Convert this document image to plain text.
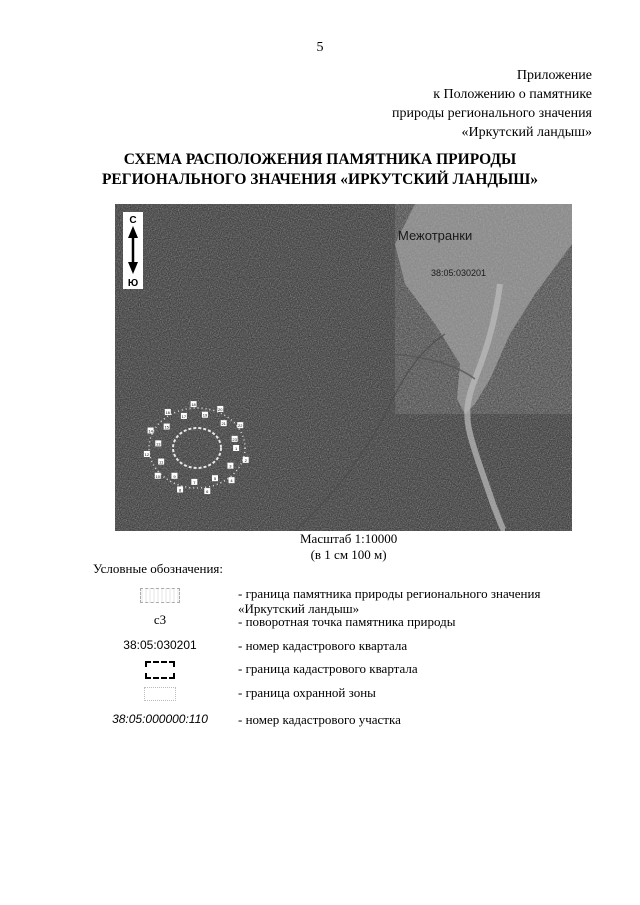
5
Приложение
к Положению о памятнике
природы регионального значения
«Иркутский ландыш»
СХЕМА РАСПОЛОЖЕНИЯ ПАМЯТНИКА ПРИРОДЫ
РЕГИОНАЛЬНОГО ЗНАЧЕНИЯ «ИРКУТСКИЙ ЛАНДЫШ»
С
Ю
Межотранки
38:05:030201
1
2
3
4
5
6
7
8
9
10
11
12
13
14
15
16
17
18
19
20
21	22
23
Масштаб 1:10000
(в 1 см 100 м)
Условные обозначения:
- граница памятника природы регионального значения
«Иркутский ландыш»
с3	- поворотная точка памятника природы
38:05:030201	- номер кадастрового квартала
- граница кадастрового квартала
- граница охранной зоны
38:05:000000:110	- номер кадастрового участка
